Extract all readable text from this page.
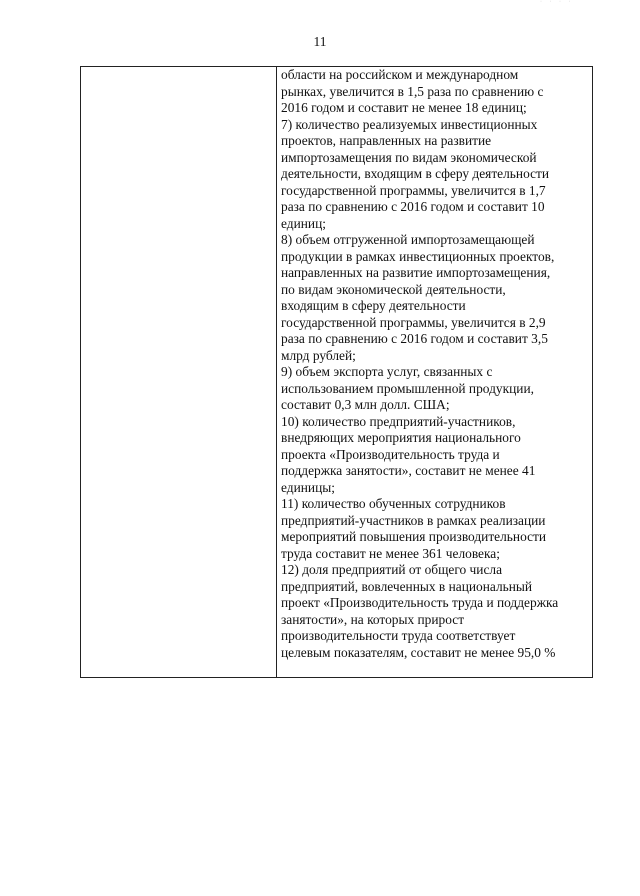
· · · ·
11
области на российском и международном
рынках, увеличится в 1,5 раза по сравнению с
2016 годом и составит не менее 18 единиц;
7) количество реализуемых инвестиционных
проектов, направленных на развитие
импортозамещения по видам экономической
деятельности, входящим в сферу деятельности
государственной программы, увеличится в 1,7
раза по сравнению с 2016 годом и составит 10
единиц;
8) объем отгруженной импортозамещающей
продукции в рамках инвестиционных проектов,
направленных на развитие импортозамещения,
по видам экономической деятельности,
входящим в сферу деятельности
государственной программы, увеличится в 2,9
раза по сравнению с 2016 годом и составит 3,5
млрд рублей;
9) объем экспорта услуг, связанных с
использованием промышленной продукции,
составит 0,3 млн долл. США;
10) количество предприятий-участников,
внедряющих мероприятия национального
проекта «Производительность труда и
поддержка занятости», составит не менее 41
единицы;
11) количество обученных сотрудников
предприятий-участников в рамках реализации
мероприятий повышения производительности
труда составит не менее 361 человека;
12) доля предприятий от общего числа
предприятий, вовлеченных в национальный
проект «Производительность труда и поддержка
занятости», на которых прирост
производительности труда соответствует
целевым показателям, составит не менее 95,0 %
